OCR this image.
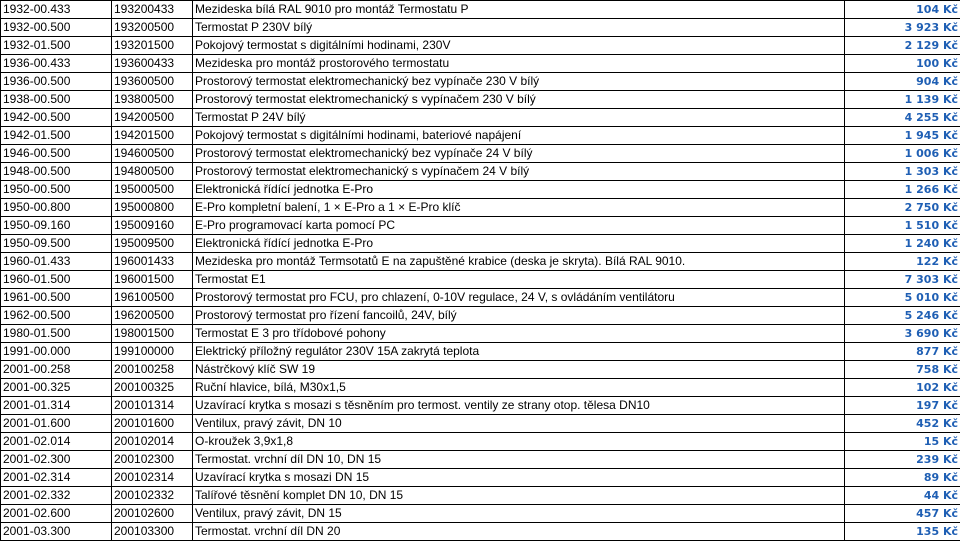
1932-00.433	193200433	Mezideska bílá RAL 9010 pro montáž Termostatu P	104 Kč
1932-00.500	193200500	Termostat P 230V bílý	3 923 Kč
1932-01.500	193201500	Pokojový termostat s digitálními hodinami, 230V	2 129 Kč
1936-00.433	193600433	Mezideska pro montáž prostorového termostatu	100 Kč
1936-00.500	193600500	Prostorový termostat elektromechanický bez vypínače 230 V bílý	904 Kč
1938-00.500	193800500	Prostorový termostat elektromechanický s vypínačem 230 V bílý	1 139 Kč
1942-00.500	194200500	Termostat P 24V bílý	4 255 Kč
1942-01.500	194201500	Pokojový termostat s digitálními hodinami, bateriové napájení	1 945 Kč
1946-00.500	194600500	Prostorový termostat elektromechanický bez vypínače 24 V bílý	1 006 Kč
1948-00.500	194800500	Prostorový termostat elektromechanický s vypínačem 24 V bílý	1 303 Kč
1950-00.500	195000500	Elektronická řídící jednotka E-Pro	1 266 Kč
1950-00.800	195000800	E-Pro kompletní balení, 1 × E-Pro a 1 × E-Pro klíč	2 750 Kč
1950-09.160	195009160	E-Pro programovací karta pomocí PC	1 510 Kč
1950-09.500	195009500	Elektronická řídící jednotka E-Pro	1 240 Kč
1960-01.433	196001433	Mezideska pro montáž Termsotatů E na zapuštěné krabice (deska je skryta). Bílá RAL 9010.	122 Kč
1960-01.500	196001500	Termostat E1	7 303 Kč
1961-00.500	196100500	Prostorový termostat pro FCU, pro chlazení, 0-10V regulace, 24 V, s ovládáním ventilátoru	5 010 Kč
1962-00.500	196200500	Prostorový termostat pro řízení fancoilů, 24V, bílý	5 246 Kč
1980-01.500	198001500	Termostat E 3 pro třídobové pohony	3 690 Kč
1991-00.000	199100000	Elektrický příložný regulátor 230V 15A zakrytá teplota	877 Kč
2001-00.258	200100258	Nástrčkový klíč SW 19	758 Kč
2001-00.325	200100325	Ruční hlavice, bílá, M30x1,5	102 Kč
2001-01.314	200101314	Uzavírací krytka s mosazi s těsněním pro termost. ventily ze strany otop. tělesa DN10	197 Kč
2001-01.600	200101600	Ventilux, pravý závit, DN 10	452 Kč
2001-02.014	200102014	O-kroužek 3,9x1,8	15 Kč
2001-02.300	200102300	Termostat. vrchní díl DN 10, DN 15	239 Kč
2001-02.314	200102314	Uzavírací krytka s mosazi DN 15	89 Kč
2001-02.332	200102332	Talířové těsnění komplet DN 10, DN 15	44 Kč
2001-02.600	200102600	Ventilux, pravý závit, DN 15	457 Kč
2001-03.300	200103300	Termostat. vrchní díl DN 20	135 Kč
